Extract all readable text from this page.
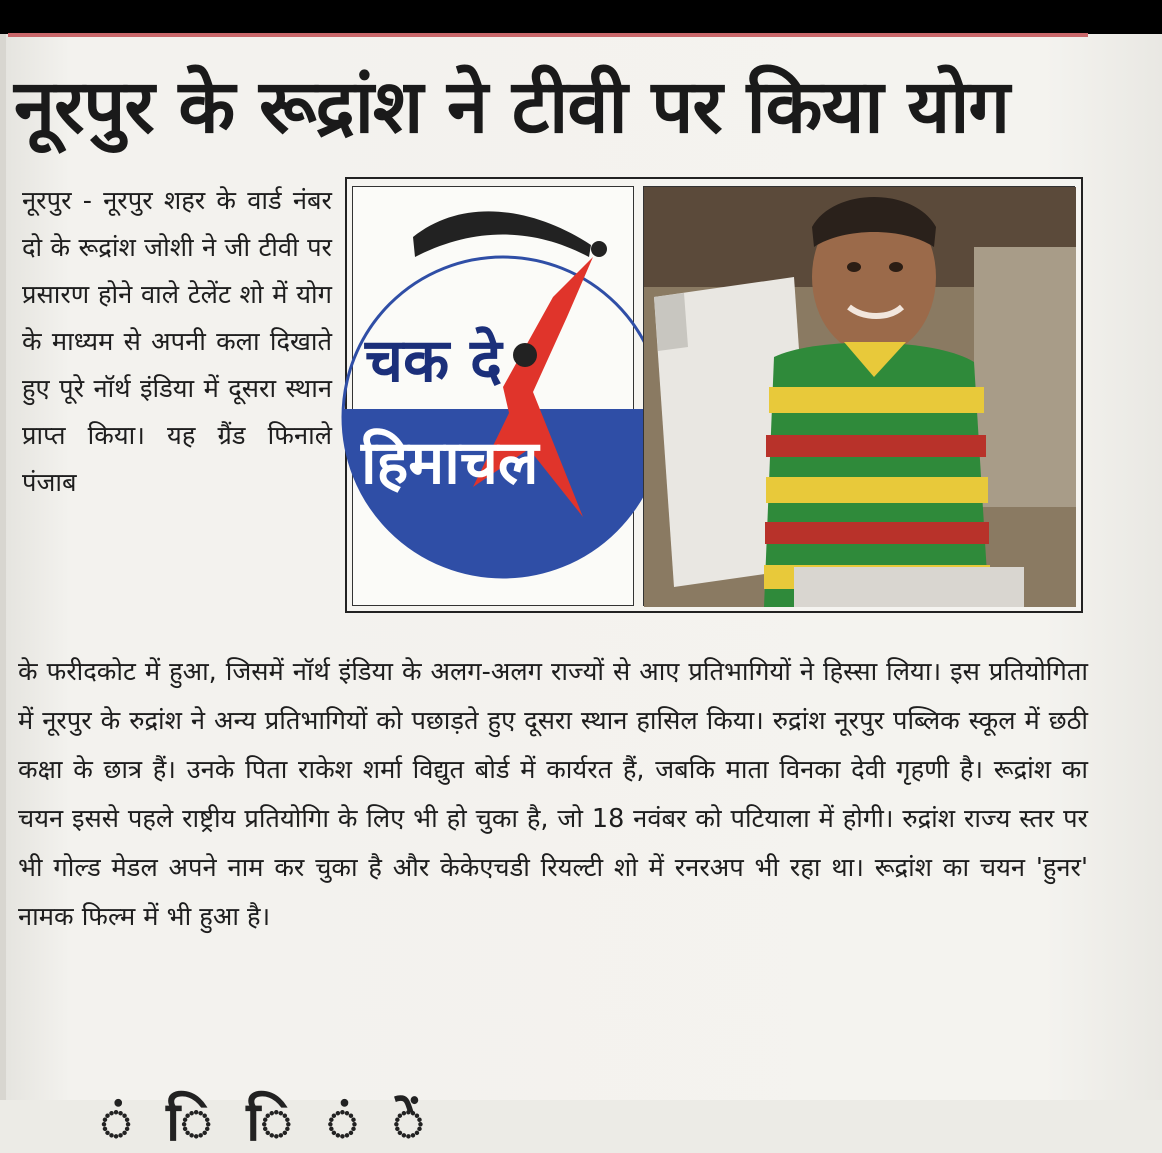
नूरपुर के रूद्रांश ने टीवी पर किया योग

नूरपुर - नूरपुर शहर के वार्ड नंबर दो के रूद्रांश जोशी ने जी टीवी पर प्रसारण होने वाले टेलेंट शो में योग के माध्यम से अपनी कला दिखाते हुए पूरे नॉर्थ इंडिया में दूसरा स्थान प्राप्त किया। यह ग्रैंड फिनाले पंजाब

चक दे
हिमाचल

के फरीदकोट में हुआ, जिसमें नॉर्थ इंडिया के अलग-अलग राज्यों से आए प्रतिभागियों ने हिस्सा लिया। इस प्रतियोगिता में नूरपुर के रुद्रांश ने अन्य प्रतिभागियों को पछाड़ते हुए दूसरा स्थान हासिल किया। रुद्रांश नूरपुर पब्लिक स्कूल में छठी कक्षा के छात्र हैं। उनके पिता राकेश शर्मा विद्युत बोर्ड में कार्यरत हैं, जबकि माता विनका देवी गृहणी है। रूद्रांश का चयन इससे पहले राष्ट्रीय प्रतियोगिा के लिए भी हो चुका है, जो 18 नवंबर को पटियाला में होगी। रुद्रांश राज्य स्तर पर भी गोल्ड मेडल अपने नाम कर चुका है और केकेएचडी रियल्टी शो में रनरअप भी रहा था। रूद्रांश का चयन 'हुनर' नामक फिल्म में भी हुआ है।

ं ि ि ं ें
